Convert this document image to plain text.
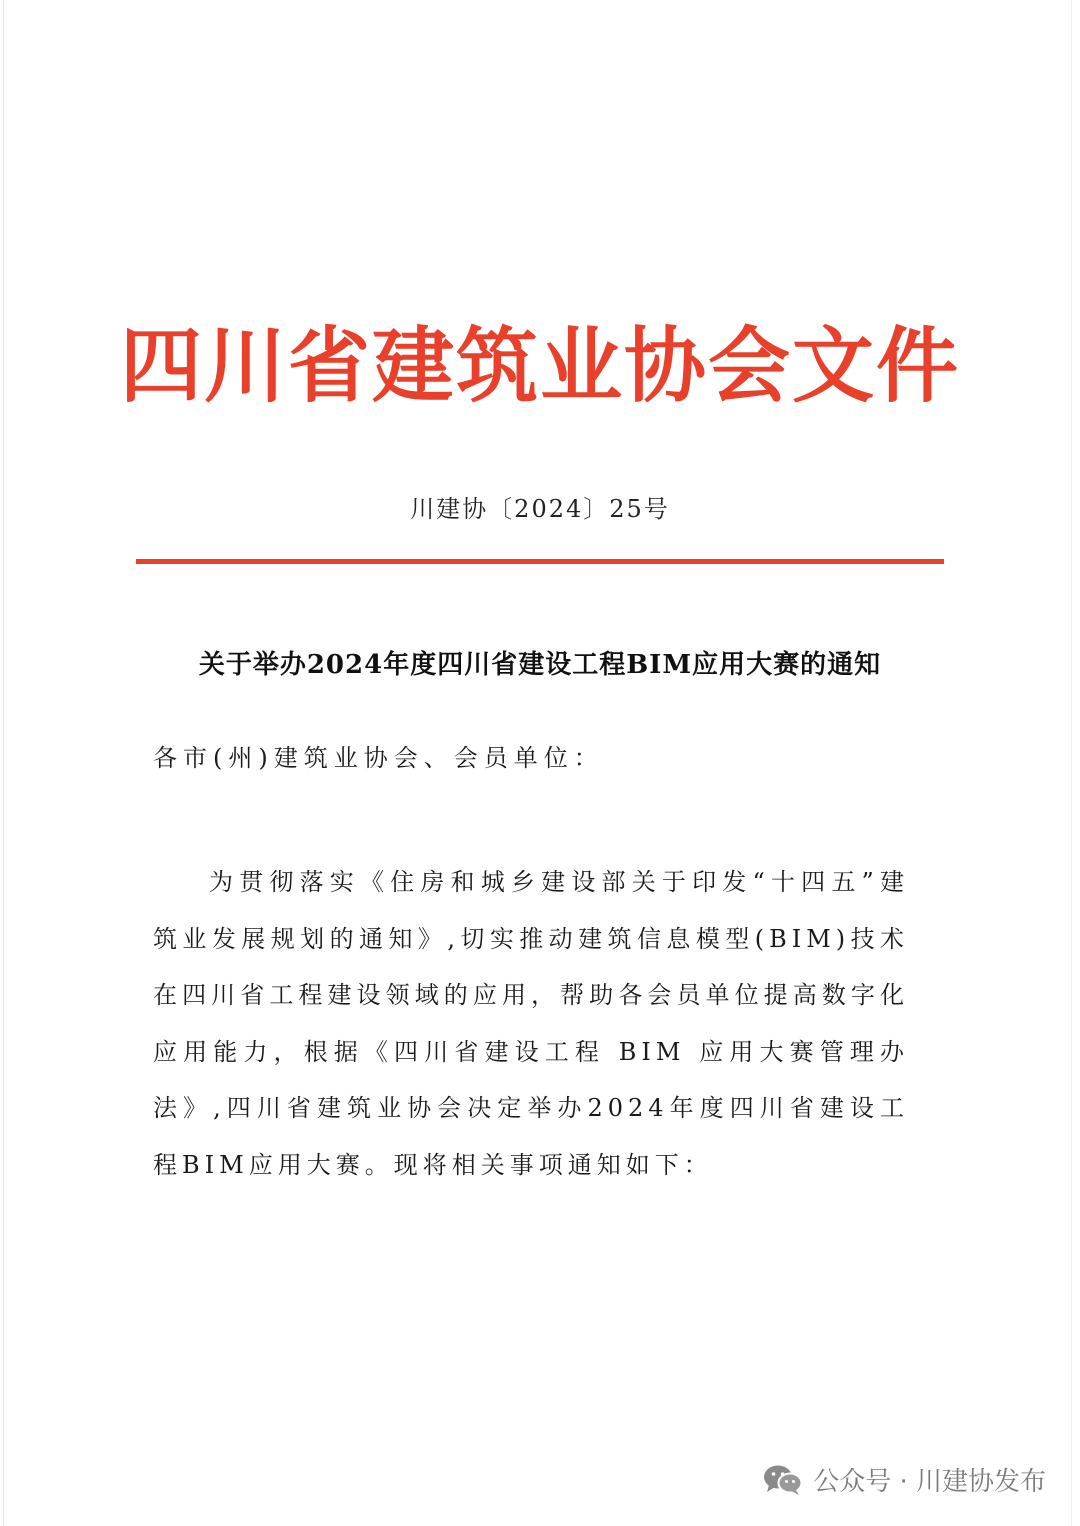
四川省建筑业协会文件
川建协〔2024〕25号
关于举办2024年度四川省建设工程BIM应用大赛的通知
各市(州)建筑业协会、会员单位：
为贯彻落实《住房和城乡建设部关于印发“十四五”建筑业发展规划的通知》,切实推动建筑信息模型(BIM)技术在四川省工程建设领域的应用，帮助各会员单位提高数字化应用能力，根据《四川省建设工程 BIM 应用大赛管理办法》,四川省建筑业协会决定举办2024年度四川省建设工程BIM应用大赛。现将相关事项通知如下：
公众号 · 川建协发布
